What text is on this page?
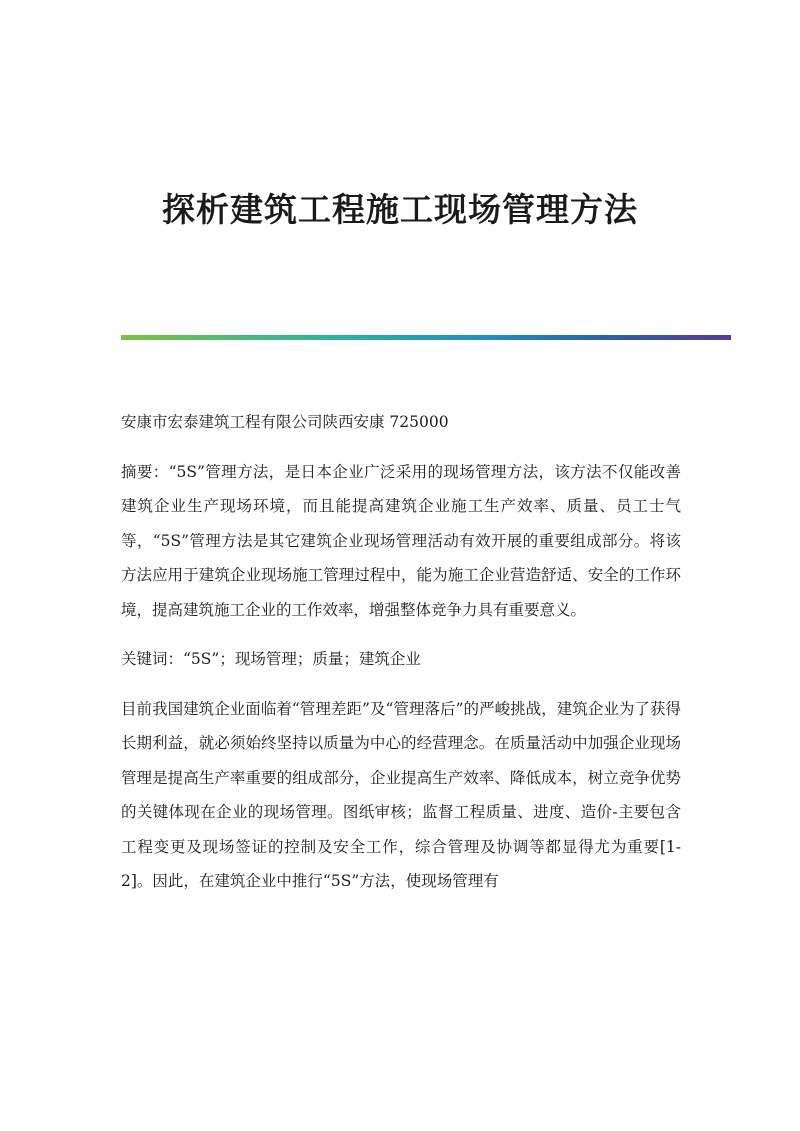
探析建筑工程施工现场管理方法

安康市宏泰建筑工程有限公司陕西安康 725000

摘要：“5S”管理方法，是日本企业广泛采用的现场管理方法，该方法不仅能改善建筑企业生产现场环境，而且能提高建筑企业施工生产效率、质量、员工士气等，“5S”管理方法是其它建筑企业现场管理活动有效开展的重要组成部分。将该方法应用于建筑企业现场施工管理过程中，能为施工企业营造舒适、安全的工作环境，提高建筑施工企业的工作效率，增强整体竞争力具有重要意义。

关键词：“5S”；现场管理；质量；建筑企业

目前我国建筑企业面临着“管理差距”及“管理落后”的严峻挑战，建筑企业为了获得长期利益，就必须始终坚持以质量为中心的经营理念。在质量活动中加强企业现场管理是提高生产率重要的组成部分，企业提高生产效率、降低成本，树立竞争优势的关键体现在企业的现场管理。图纸审核；监督工程质量、进度、造价-主要包含工程变更及现场签证的控制及安全工作，综合管理及协调等都显得尤为重要[1-2]。因此，在建筑企业中推行“5S”方法，使现场管理有
